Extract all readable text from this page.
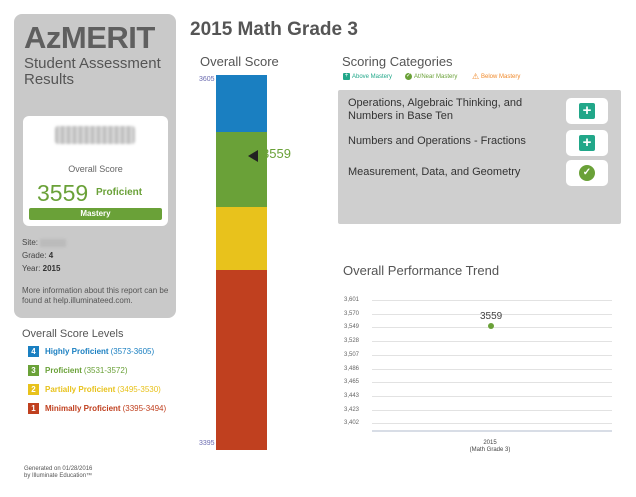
AzMERIT
Student Assessment Results
Overall Score
3559 Proficient
Mastery
Site:
Grade: 4
Year: 2015
More information about this report can be found at help.illuminateed.com.
Overall Score Levels
4 Highly Proficient (3573-3605)
3 Proficient (3531-3572)
2 Partially Proficient (3495-3530)
1 Minimally Proficient (3395-3494)
Generated on 01/28/2016
by Illuminate Education™
2015 Math Grade 3
Overall Score
3605
3395
3559
Scoring Categories
+ Above Mastery ✓ At/Near Mastery ⚠ Below Mastery
Operations, Algebraic Thinking, and Numbers in Base Ten	+
Numbers and Operations - Fractions	+
Measurement, Data, and Geometry	✓
Overall Performance Trend
3,601
3,570
3,549
3,528
3,507
3,486
3,465
3,443
3,423
3,402
3559
2015
(Math Grade 3)
